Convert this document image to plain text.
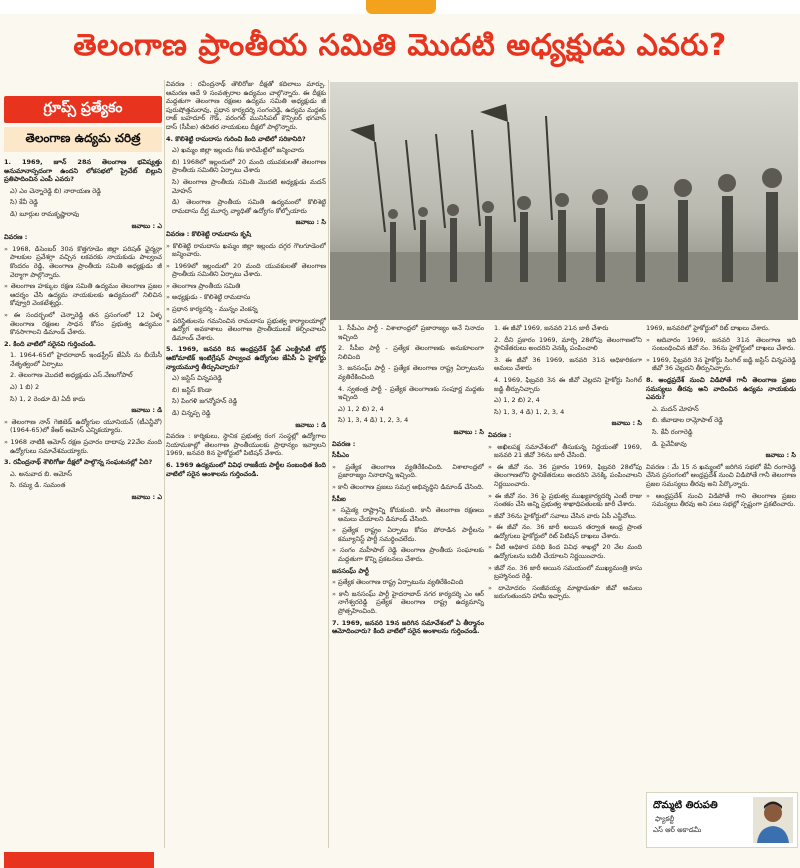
తెలంగాణ ప్రాంతీయ సమితి మొదటి అధ్యక్షుడు ఎవరు?
గ్రూప్స్ ప్రత్యేకం
తెలంగాణ ఉద్యమ చరిత్ర

1. 1969, జూన్ 28న తెలంగాణ భవిష్యత్తు అనుమానాస్పదంగా ఉందని లోకసభలో ప్రైవేట్ బిల్లుని ప్రతిపాదించిన ఎంపీ ఎవరు?

ఎ) ఎం చెన్నారెడ్డి బి) నారాయణ రెడ్డి

సి) కేవీ రెడ్డి

డి) బూర్గుల రామకృష్ణారావు

జవాబు : ఎ

వివరణ :

» 1968, డిసెంబర్ 30న కొత్తగూడెం జిల్లా పరిషత్ ఛైర్మన్గా పాలకుల ప్రవేశగ్గా వచ్చిన లకవరకు నాయకుడు పాల్వంచ కొందరం రెడ్డి, తెలంగాణ ప్రాంతీయ సమితి అధ్యక్షుడు జీ వెర్మాగా పాల్గొన్నారు.

» తెలంగాణ హక్కుల రక్షణ సమితి ఉద్యమం తెలంగాణ ప్రజల ఆదర్శం చేసి ఉద్యమ నాయకులకు ఉద్యమంలో నిలిచిన కోవ్వూరి వెంకటేశ్వర్లు.

» ఈ సందర్భంలో చెన్నారెడ్డి తన ప్రసంగంలో 12 ఏళ్ళ తెలంగాణ రక్షణల సాధన కోసం ప్రభుత్వ ఉద్యమం కొనసాగాలని డిమాండ్ చేశారు.

2. కింది వాటిలో సరైనవి గుర్తించండి.

1. 1964-65లో హైదరాబాద్ ఇండస్ట్రీస్ జేఏసీ ను బీయేసీ నేతృత్వంలో ఏర్పాటు

2. తెలంగాణ మొదటి అధ్యక్షుడు ఎస్.వేణుగోపాల్

ఎ) 1 బి) 2

సి) 1, 2 రెండూ డి) ఏదీ కాదు

జవాబు : డి

» తెలంగాణ నాన్ గెజిటెడ్ ఉద్యోగుల యూనియన్ (టీఎన్జీవో) (1964-65)లో కేఆర్ ఆమోస్ ఎన్నికయ్యారు.

» 1968 నాటికి ఆమోస్ రక్షణ ప్రచారం దాదాపు 22వేల మంది ఉద్యోగులు సమావేశమయ్యారు.

3. రవీంద్రనాథ్ శౌలిగోజు దీక్షలో పాల్గొన్న సంఘటనల్లో ఏది?

ఎ. అనువాద బి. ఆమోస్

సి. రమ్య డి. సుమంత

జవాబు : ఎ

వివరణ : రవీంద్రనాథ్ తౌలిరోజు దీక్షతో కదిలాలు మార్పు. ఆమరణ ఆదే 9 సంవత్సరాల ఉద్యమం చాల్గొన్నారు. ఈ దీక్షకు మద్దతుగా తెలంగాణ రక్షణల ఉద్యమ సమితి అధ్యక్షుడు జీ పురుషోత్తమరావు, ప్రధాన కార్యదర్శి సంగంరెడ్డి, ఉద్యమ మద్దతు రాజ్ బహదూర్ గౌడ్, వరంగల్ మునిసిపల్ కౌన్సిలర్ భగవాన్ దాస్ (సీపీఐ) తదితర నాయకులు దీక్షలో పాల్గొన్నారు.

4. కొలిశెట్టి రామదాసు గురించి కింది వాటిలో సరికానిది?

ఎ) ఖమ్మం జిల్లా ఇల్లందు గీకు కారిమేట్టిలో జన్మించారు

బి) 1968లో ఇల్లందులో 20 మంది యువకులతో తెలంగాణ ప్రాంతీయ సమితిని ఏర్పాటు చేశారు

సి) తెలంగాణ ప్రాంతీయ సమితి మొదటి అధ్యక్షుడు మదన్ మోహన్

డి) తెలంగాణ ప్రాంతీయ సమితి ఉద్యమంలో కొలిశెట్టి రామదాసు దీర్ఘ మూర్ఛ వ్యాధితో ఉద్యోగం కోల్పోయారు

జవాబు : సి

వివరణ : కొలిశెట్టి రామదాసు కృషి

» కొలిశెట్టి రామదాసు ఖమ్మం జిల్లా ఇల్లందు దగ్గర గౌలగూడెంలో జన్మించారు.

» 1969లో ఇల్లందులో 20 మంది యువకులతో తెలంగాణ ప్రాంతీయ సమితిని ఏర్పాటు చేశారు.

» తెలంగాణ ప్రాంతీయ సమితి

» అధ్యక్షుడు - కొలిశెట్టి రామదాసు

» ప్రధాన కార్యదర్శి - మున్నం వెంకన్న

» పరిస్థితులను గమనించిన రామదాసు ప్రభుత్వ కార్యాలయాల్లో ఉద్యోగ అవకాశాలు తెలంగాణ ప్రాంతీయులకే కల్పించాలని డిమాండ్ చేశారు.

5. 1969, జనవరి 8న ఆంధ్రప్రదేశ్ స్టేట్ ఎలక్ట్రిసిటీ బోర్డ్ ఆటోమాటిక్ ఇంటిగ్రేషన్ పాల్వంచ ఉద్యోగుల జేఏసీ ఏ హైకోర్టు న్యాయమూర్తి తీర్పునిచ్చారు?

ఎ) జస్టిస్ చిన్నపరెడ్డి

బి) జస్టిస్ కొండా

సి) పింగళి జగన్మోహన్ రెడ్డి

డి) చిన్నప్ప రెడ్డి

జవాబు : డి

వివరణ : కార్మికులు, స్థానిక ప్రభుత్వ రంగ సంస్థల్లో ఉద్యోగాల నియామకాల్లో తెలంగాణ ప్రాంతీయులకు ప్రాధాన్యం ఇవ్వాలని 1969, జనవరి 8న హైకోర్టులో పిటిషన్ వేశారు.

6. 1969 ఉద్యమంలో వివిధ రాజకీయ పార్టీల సంబంధిత కింది వాటిలో సరైన అంశాలను గుర్తించండి.

1. సీపీఎం పార్టీ - విశాలాంధ్రలో ప్రజారాజ్యం అనే నినాదం ఇచ్చింది

2. సీపీఐ పార్టీ - ప్రత్యేక తెలంగాణకు అనుకూలంగా నిలిచింది

3. జనసంఘ్ పార్టీ - ప్రత్యేక తెలంగాణ రాష్ట్ర ఏర్పాటును వ్యతిరేకించింది

4. స్వతంత్ర పార్టీ - ప్రత్యేక తెలంగాణకు సంపూర్ణ మద్దతు ఇచ్చింది

ఎ) 1, 2 బి) 2, 4

సి) 1, 3, 4 డి) 1, 2, 3, 4

జవాబు : సి

వివరణ :

సీపీఎం

» ప్రత్యేక తెలంగాణ వ్యతిరేకించింది. విశాలాంధ్రలో ప్రజారాజ్యం నినాదాన్ని ఇచ్చింది.

» కానీ తెలంగాణ ప్రజలు సమగ్ర అభివృద్ధిని డిమాండ్ చేసింది.

సీపీఐ

» సమైక్య రాష్ట్రాన్ని కోరుకుంది. కానీ తెలంగాణ రక్షణలు అమలు చేయాలని డిమాండ్ చేసింది.

» ప్రత్యేక రాష్ట్రం ఏర్పాటు కోసం పోరాడిన పార్టీలను కమ్యూనిస్ట్ పార్టీ సమర్థించలేదు.

» సంగం మహీపాల్ రెడ్డి తెలంగాణ ప్రాంతీయ సంఘాలకు మద్దతుగా కొన్ని ప్రకటనలు చేశారు.

జనసంఘ్ పార్టీ

» ప్రత్యేక తెలంగాణ రాష్ట్ర ఏర్పాటును వ్యతిరేకించింది

» కానీ జనసంఘ్ పార్టీ హైదరాబాద్ నగర కార్యదర్శి ఎం ఆర్ నాగేశ్వరరెడ్డి ప్రత్యేక తెలంగాణ రాష్ట్ర ఉద్యమాన్ని ప్రోత్సహించింది.

7. 1969, జనవరి 19న జరిగిన సమావేశంలో ఏ తీర్మానం ఆమోదించారు? కింది వాటిలో సరైన అంశాలను గుర్తించండి.

1. ఈ జీవో 1969, జనవరి 21న జారీ చేశారు

2. దీని ప్రకారం 1969, మార్చి 28లోపు తెలంగాణలోని స్థానికేతరులు అందరిని వెనక్కి పంపించాలి

3. ఈ జీవో 36 1969, జనవరి 31న అధికారికంగా అమలు చేశారు

4. 1969, ఫిబ్రవరి 3న ఈ జీవో చెల్లదని హైకోర్టు సింగిల్ జడ్జి తీర్పునిచ్చారు

ఎ) 1, 2 బి) 2, 4

సి) 1, 3, 4 డి) 1, 2, 3, 4

జవాబు : సి

వివరణ :

» అఖిలపక్ష సమావేశంలో తీసుకున్న నిర్ణయంతో 1969, జనవరి 21 జీవో 36ను జారీ చేసింది.

» ఈ జీవో నం. 36 ప్రకారం 1969, ఫిబ్రవరి 28లోపు తెలంగాణలోని స్థానికేతరులు అందరిని వెనక్కి పంపించాలని నిర్ణయించారు.

» ఈ జీవో నం. 36 పై ప్రభుత్వ ముఖ్యకార్యదర్శి ఎంటీ రాజు సంతకం చేసి అన్ని ప్రభుత్వ శాఖాధిపతులకు జారీ చేశారు.

» జీవో 36ను హైకోర్టులో సవాలు చేసిన వారు ఏపీ ఎన్జీవోలు.

» ఈ జీవో నం. 36 జారీ అయిన తర్వాత ఆంధ్ర ప్రాంత ఉద్యోగులు హైకోర్టులో రిట్ పిటిషన్ దాఖలు చేశారు.

» వీటి అధికార పరిధి కింద వివిధ శాఖల్లో 20 వేల మంది ఉద్యోగులను బదిలీ చేయాలని నిర్ణయించారు.

» జీవో నం. 36 జారీ అయిన సమయంలో ముఖ్యమంత్రి కాసు బ్రహ్మానంద రెడ్డి.

» దామోదరం సంజీవయ్య మాట్లాడుతూ జీవో అమలు జరుగుతుందని హామీ ఇచ్చారు.

1969, జనవరిలో హైకోర్టులో రిట్ దాఖలు చేశారు.

» ఆదివారం 1969, జనవరి 31న తెలంగాణ ఇది సంబంధించిన జీవో నం. 36ను హైకోర్టులో దాఖలు చేశారు.

» 1969, ఫిబ్రవరి 3న హైకోర్టు సింగిల్ జడ్జి జస్టిస్ చిన్నపరెడ్డి జీవో 36 చెల్లదని తీర్పునిచ్చారు.

8. ఆంధ్రప్రదేశ్ నుంచి విడిపోతే గానీ తెలంగాణ ప్రజల సమస్యలు తీరవు అని వాదించిన ఉద్యమ నాయకుడు ఎవరు?

ఎ. మదన్ మోహన్

బి. జీవాడాల రామ్గోపాల్ రెడ్డి

సి. కేవీ రంగారెడ్డి

డి. పైవేవీకావు

జవాబు : సి

వివరణ : మే 15 న ఖమ్మంలో జరిగిన సభలో కేవీ రంగారెడ్డి చేసిన ప్రసంగంలో ఆంధ్రప్రదేశ్ నుంచి విడిపోతే గానీ తెలంగాణ ప్రజల సమస్యలు తీరవు అని పేర్కొన్నారు.

» ఆంధ్రప్రదేశ్ నుంచి విడిపోతే గాని తెలంగాణ ప్రజల సమస్యలు తీరవు అని పలు సభల్లో స్పష్టంగా ప్రకటించారు.

దొమ్మటి తిరుపతి
ఫ్యాకల్టీ
ఎస్ ఆర్ అకాడమీ
